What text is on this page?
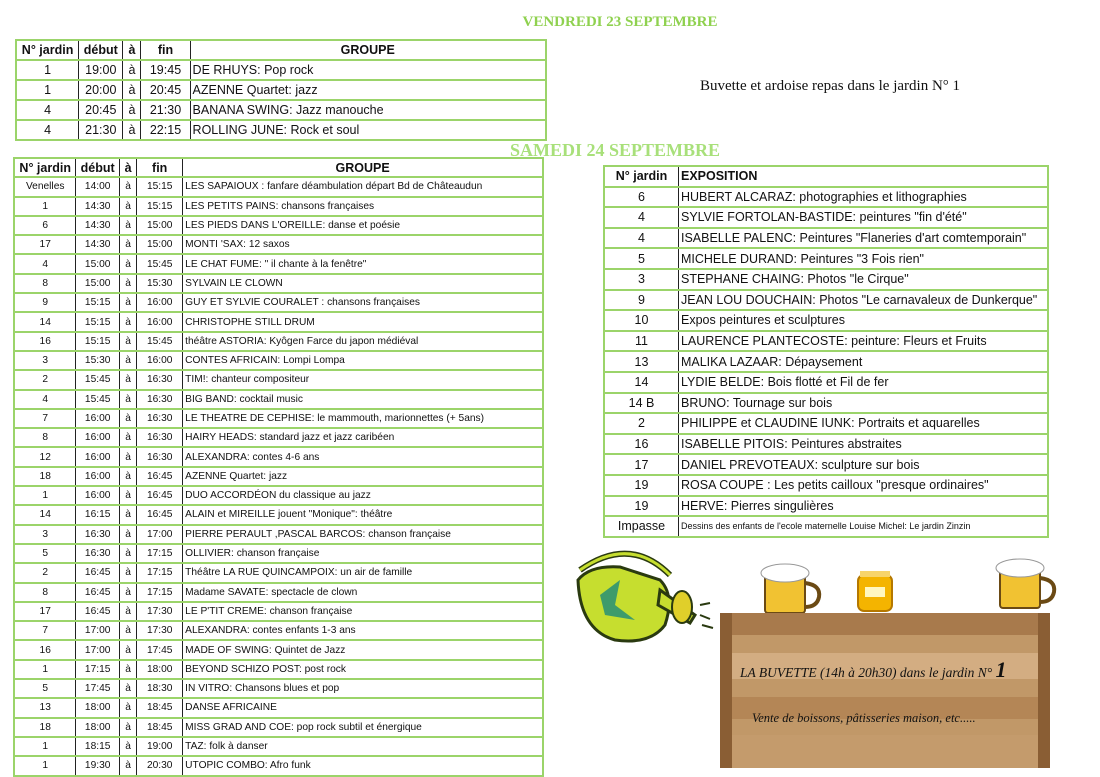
VENDREDI 23 SEPTEMBRE
N° jardin	début	à	fin	GROUPE
1	19:00	à	19:45	DE RHUYS: Pop rock
1	20:00	à	20:45	AZENNE Quartet: jazz
4	20:45	à	21:30	BANANA SWING: Jazz manouche
4	21:30	à	22:15	ROLLING JUNE: Rock et soul
Buvette et ardoise repas dans le jardin N° 1
SAMEDI 24 SEPTEMBRE
N° jardin	début	à	fin	GROUPE
Venelles	14:00	à	15:15	LES SAPAIOUX : fanfare déambulation départ Bd de Châteaudun
1	14:30	à	15:15	LES PETITS PAINS: chansons françaises
6	14:30	à	15:00	LES PIEDS DANS L'OREILLE: danse et poésie
17	14:30	à	15:00	MONTI 'SAX: 12 saxos
4	15:00	à	15:45	LE CHAT FUME: " il chante à la fenêtre"
8	15:00	à	15:30	SYLVAIN LE CLOWN
9	15:15	à	16:00	GUY ET SYLVIE COURALET : chansons françaises
14	15:15	à	16:00	CHRISTOPHE STILL DRUM
16	15:15	à	15:45	théâtre ASTORIA: Kyôgen Farce du japon médiéval
3	15:30	à	16:00	CONTES AFRICAIN: Lompi Lompa
2	15:45	à	16:30	TIM!: chanteur compositeur
4	15:45	à	16:30	BIG BAND: cocktail music
7	16:00	à	16:30	LE THEATRE DE CEPHISE: le mammouth, marionnettes (+ 5ans)
8	16:00	à	16:30	HAIRY HEADS: standard jazz et jazz caribéen
12	16:00	à	16:30	ALEXANDRA: contes 4-6 ans
18	16:00	à	16:45	AZENNE Quartet: jazz
1	16:00	à	16:45	DUO ACCORDÉON du classique au jazz
14	16:15	à	16:45	ALAIN et MIREILLE jouent "Monique": théâtre
3	16:30	à	17:00	PIERRE PERAULT ,PASCAL BARCOS: chanson française
5	16:30	à	17:15	OLLIVIER: chanson française
2	16:45	à	17:15	Théâtre LA RUE QUINCAMPOIX: un air de famille
8	16:45	à	17:15	Madame SAVATE: spectacle de clown
17	16:45	à	17:30	LE P'TIT CREME: chanson française
7	17:00	à	17:30	ALEXANDRA: contes enfants 1-3 ans
16	17:00	à	17:45	MADE OF SWING: Quintet de Jazz
1	17:15	à	18:00	BEYOND SCHIZO POST: post rock
5	17:45	à	18:30	IN VITRO: Chansons blues et pop
13	18:00	à	18:45	DANSE AFRICAINE
18	18:00	à	18:45	MISS GRAD AND COE: pop rock subtil et énergique
1	18:15	à	19:00	TAZ: folk à danser
1	19:30	à	20:30	UTOPIC COMBO: Afro funk
N° jardin	EXPOSITION
6	HUBERT ALCARAZ: photographies et lithographies
4	SYLVIE FORTOLAN-BASTIDE: peintures "fin d'été"
4	ISABELLE PALENC: Peintures "Flaneries d'art comtemporain"
5	MICHELE DURAND: Peintures "3 Fois rien"
3	STEPHANE CHAING: Photos "le Cirque"
9	JEAN LOU DOUCHAIN: Photos "Le carnavaleux de Dunkerque"
10	Expos peintures et sculptures
11	LAURENCE PLANTECOSTE: peinture: Fleurs et Fruits
13	MALIKA LAZAAR: Dépaysement
14	LYDIE BELDE: Bois flotté et Fil de fer
14 B	BRUNO: Tournage sur bois
2	PHILIPPE et CLAUDINE IUNK: Portraits et aquarelles
16	ISABELLE PITOIS: Peintures abstraites
17	DANIEL PREVOTEAUX: sculpture sur bois
19	ROSA COUPE : Les petits cailloux "presque ordinaires"
19	HERVE: Pierres singulières
Impasse	Dessins des enfants de l'ecole maternelle Louise Michel: Le jardin Zinzin
LA BUVETTE (14h à 20h30) dans le jardin N° 1
Vente de boissons, pâtisseries maison, etc.....
